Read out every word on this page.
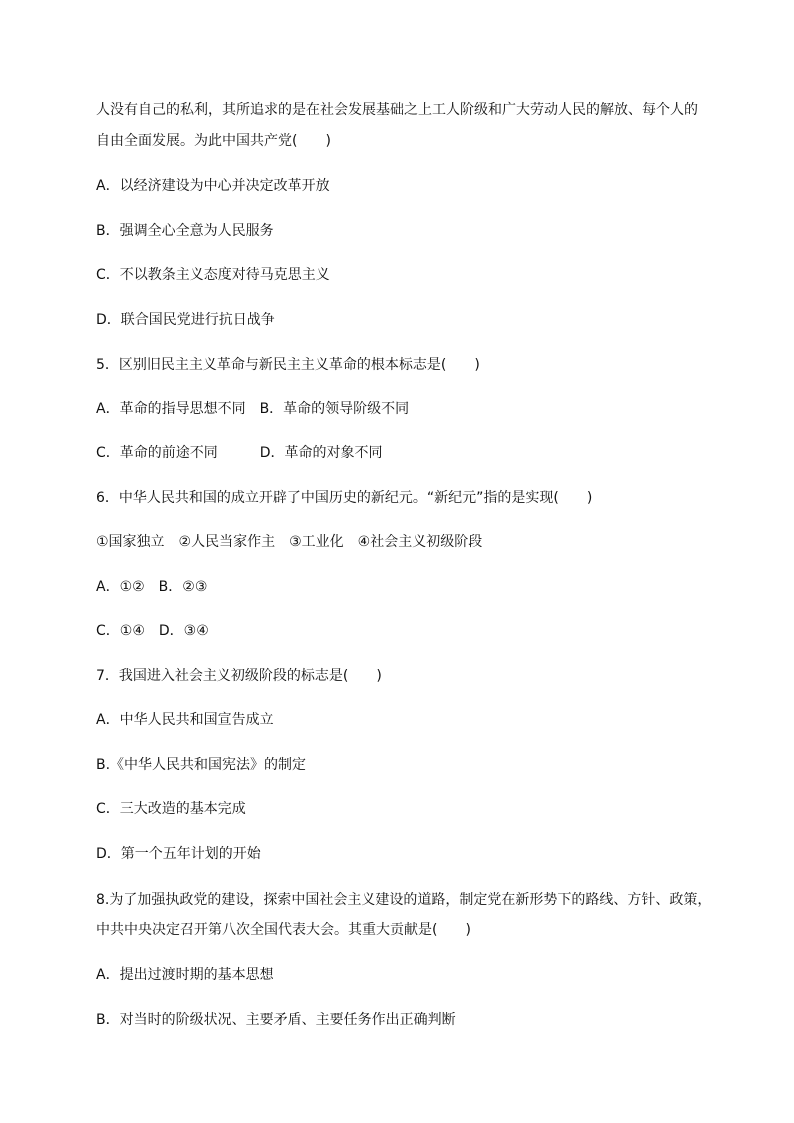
人没有自己的私利，其所追求的是在社会发展基础之上工人阶级和广大劳动人民的解放、每个人的
自由全面发展。为此中国共产党(　　)
A．以经济建设为中心并决定改革开放
B．强调全心全意为人民服务
C．不以教条主义态度对待马克思主义
D．联合国民党进行抗日战争
5．区别旧民主主义革命与新民主主义革命的根本标志是(　　)
A．革命的指导思想不同　B．革命的领导阶级不同
C．革命的前途不同　　　D．革命的对象不同
6．中华人民共和国的成立开辟了中国历史的新纪元。“新纪元”指的是实现(　　)
①国家独立　②人民当家作主　③工业化　④社会主义初级阶段
A．①②　B．②③
C．①④　D．③④
7．我国进入社会主义初级阶段的标志是(　　)
A．中华人民共和国宣告成立
B.《中华人民共和国宪法》的制定
C．三大改造的基本完成
D．第一个五年计划的开始
8.为了加强执政党的建设，探索中国社会主义建设的道路，制定党在新形势下的路线、方针、政策，
中共中央决定召开第八次全国代表大会。其重大贡献是(　　)
A．提出过渡时期的基本思想
B．对当时的阶级状况、主要矛盾、主要任务作出正确判断
